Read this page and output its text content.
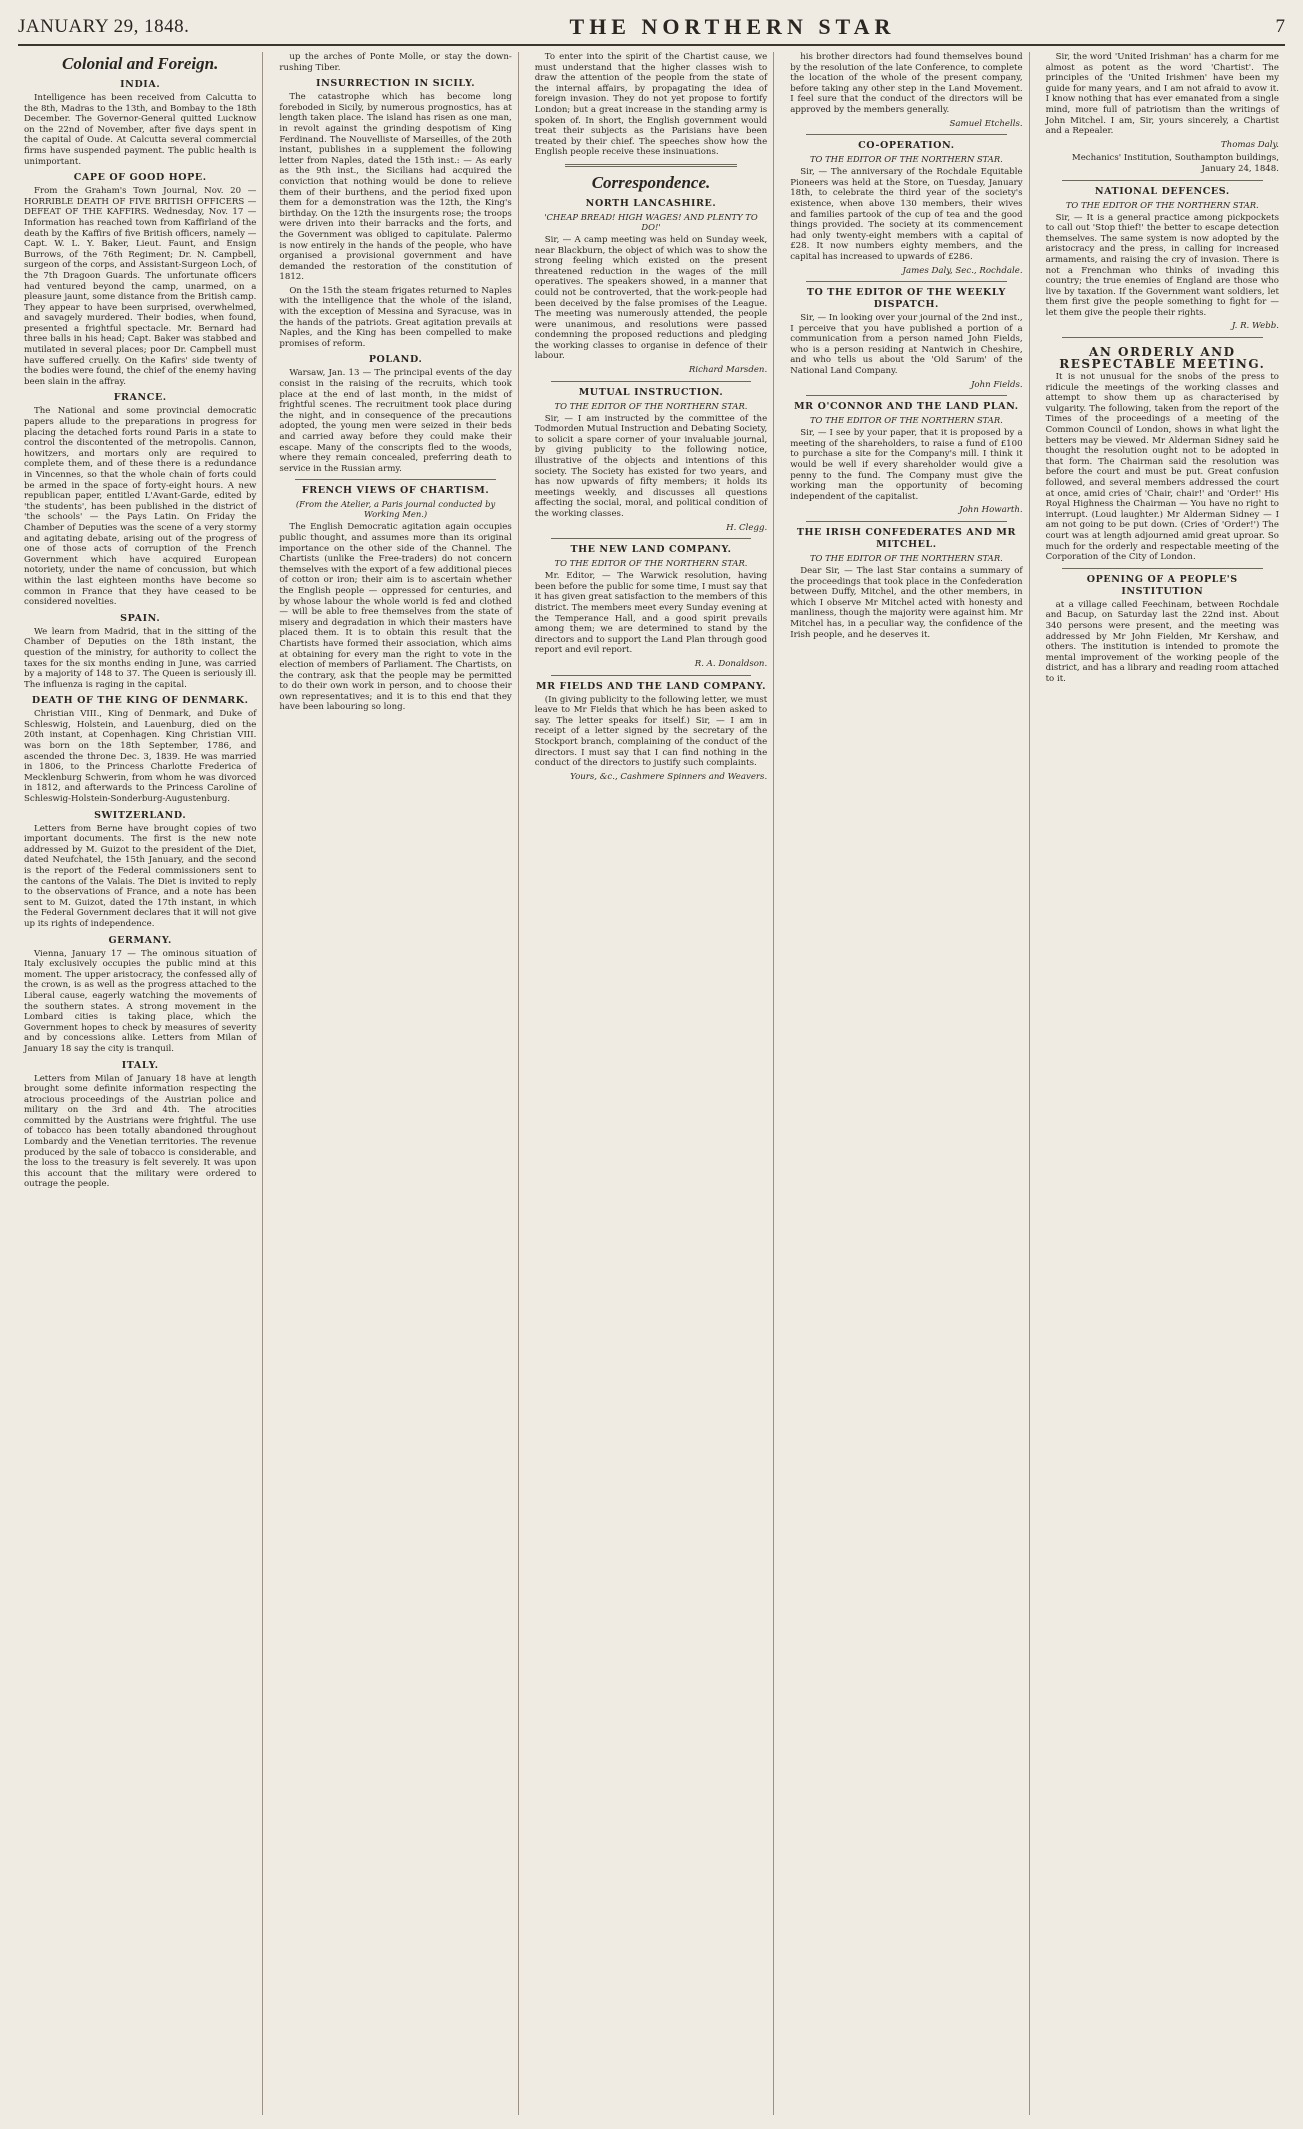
JANUARY 29, 1848.	THE NORTHERN STAR	7
Colonial and Foreign.
INDIA.

Intelligence has been received from Calcutta to the 8th, Madras to the 13th, and Bombay to the 18th December. The Governor-General quitted Lucknow on the 22nd of November, after five days spent in the capital of Oude. At Calcutta several commercial firms have suspended payment. The public health is unimportant.

CAPE OF GOOD HOPE.

From the Graham's Town Journal, Nov. 20 — HORRIBLE DEATH OF FIVE BRITISH OFFICERS — DEFEAT OF THE KAFFIRS. Wednesday, Nov. 17 — Information has reached town from Kaffirland of the death by the Kaffirs of five British officers, namely — Capt. W. L. Y. Baker, Lieut. Faunt, and Ensign Burrows, of the 76th Regiment; Dr. N. Campbell, surgeon of the corps, and Assistant-Surgeon Loch, of the 7th Dragoon Guards. The unfortunate officers had ventured beyond the camp, unarmed, on a pleasure jaunt, some distance from the British camp. They appear to have been surprised, overwhelmed, and savagely murdered. Their bodies, when found, presented a frightful spectacle. Mr. Bernard had three balls in his head; Capt. Baker was stabbed and mutilated in several places; poor Dr. Campbell must have suffered cruelly. On the Kafirs' side twenty of the bodies were found, the chief of the enemy having been slain in the affray.

FRANCE.

The National and some provincial democratic papers allude to the preparations in progress for placing the detached forts round Paris in a state to control the discontented of the metropolis. Cannon, howitzers, and mortars only are required to complete them, and of these there is a redundance in Vincennes, so that the whole chain of forts could be armed in the space of forty-eight hours. A new republican paper, entitled L'Avant-Garde, edited by 'the students', has been published in the district of 'the schools' — the Pays Latin. On Friday the Chamber of Deputies was the scene of a very stormy and agitating debate, arising out of the progress of one of those acts of corruption of the French Government which have acquired European notoriety, under the name of concussion, but which within the last eighteen months have become so common in France that they have ceased to be considered novelties.

SPAIN.

We learn from Madrid, that in the sitting of the Chamber of Deputies on the 18th instant, the question of the ministry, for authority to collect the taxes for the six months ending in June, was carried by a majority of 148 to 37. The Queen is seriously ill. The influenza is raging in the capital.

DEATH OF THE KING OF DENMARK.

Christian VIII., King of Denmark, and Duke of Schleswig, Holstein, and Lauenburg, died on the 20th instant, at Copenhagen. King Christian VIII. was born on the 18th September, 1786, and ascended the throne Dec. 3, 1839. He was married in 1806, to the Princess Charlotte Frederica of Mecklenburg Schwerin, from whom he was divorced in 1812, and afterwards to the Princess Caroline of Schleswig-Holstein-Sonderburg-Augustenburg.

SWITZERLAND.

Letters from Berne have brought copies of two important documents. The first is the new note addressed by M. Guizot to the president of the Diet, dated Neufchatel, the 15th January, and the second is the report of the Federal commissioners sent to the cantons of the Valais. The Diet is invited to reply to the observations of France, and a note has been sent to M. Guizot, dated the 17th instant, in which the Federal Government declares that it will not give up its rights of independence.

GERMANY.

Vienna, January 17 — The ominous situation of Italy exclusively occupies the public mind at this moment. The upper aristocracy, the confessed ally of the crown, is as well as the progress attached to the Liberal cause, eagerly watching the movements of the southern states. A strong movement in the Lombard cities is taking place, which the Government hopes to check by measures of severity and by concessions alike. Letters from Milan of January 18 say the city is tranquil.

ITALY.

Letters from Milan of January 18 have at length brought some definite information respecting the atrocious proceedings of the Austrian police and military on the 3rd and 4th. The atrocities committed by the Austrians were frightful. The use of tobacco has been totally abandoned throughout Lombardy and the Venetian territories. The revenue produced by the sale of tobacco is considerable, and the loss to the treasury is felt severely. It was upon this account that the military were ordered to outrage the people.

up the arches of Ponte Molle, or stay the down-rushing Tiber.

INSURRECTION IN SICILY.

The catastrophe which has become long foreboded in Sicily, by numerous prognostics, has at length taken place. The island has risen as one man, in revolt against the grinding despotism of King Ferdinand. The Nouvelliste of Marseilles, of the 20th instant, publishes in a supplement the following letter from Naples, dated the 15th inst.: — As early as the 9th inst., the Sicilians had acquired the conviction that nothing would be done to relieve them of their burthens, and the period fixed upon them for a demonstration was the 12th, the King's birthday. On the 12th the insurgents rose; the troops were driven into their barracks and the forts, and the Government was obliged to capitulate. Palermo is now entirely in the hands of the people, who have organised a provisional government and have demanded the restoration of the constitution of 1812.

On the 15th the steam frigates returned to Naples with the intelligence that the whole of the island, with the exception of Messina and Syracuse, was in the hands of the patriots. Great agitation prevails at Naples, and the King has been compelled to make promises of reform.

POLAND.

Warsaw, Jan. 13 — The principal events of the day consist in the raising of the recruits, which took place at the end of last month, in the midst of frightful scenes. The recruitment took place during the night, and in consequence of the precautions adopted, the young men were seized in their beds and carried away before they could make their escape. Many of the conscripts fled to the woods, where they remain concealed, preferring death to service in the Russian army.

FRENCH VIEWS OF CHARTISM.
(From the Atelier, a Paris journal conducted by Working Men.)

The English Democratic agitation again occupies public thought, and assumes more than its original importance on the other side of the Channel. The Chartists (unlike the Free-traders) do not concern themselves with the export of a few additional pieces of cotton or iron; their aim is to ascertain whether the English people — oppressed for centuries, and by whose labour the whole world is fed and clothed — will be able to free themselves from the state of misery and degradation in which their masters have placed them. It is to obtain this result that the Chartists have formed their association, which aims at obtaining for every man the right to vote in the election of members of Parliament. The Chartists, on the contrary, ask that the people may be permitted to do their own work in person, and to choose their own representatives; and it is to this end that they have been labouring so long.

To enter into the spirit of the Chartist cause, we must understand that the higher classes wish to draw the attention of the people from the state of the internal affairs, by propagating the idea of foreign invasion. They do not yet propose to fortify London; but a great increase in the standing army is spoken of. In short, the English government would treat their subjects as the Parisians have been treated by their chief. The speeches show how the English people receive these insinuations.

Correspondence.
NORTH LANCASHIRE.
'CHEAP BREAD! HIGH WAGES! AND PLENTY TO DO!'

Sir, — A camp meeting was held on Sunday week, near Blackburn, the object of which was to show the strong feeling which existed on the present threatened reduction in the wages of the mill operatives. The speakers showed, in a manner that could not be controverted, that the work-people had been deceived by the false promises of the League. The meeting was numerously attended, the people were unanimous, and resolutions were passed condemning the proposed reductions and pledging the working classes to organise in defence of their labour.

Richard Marsden.

MUTUAL INSTRUCTION.
TO THE EDITOR OF THE NORTHERN STAR.

Sir, — I am instructed by the committee of the Todmorden Mutual Instruction and Debating Society, to solicit a spare corner of your invaluable journal, by giving publicity to the following notice, illustrative of the objects and intentions of this society. The Society has existed for two years, and has now upwards of fifty members; it holds its meetings weekly, and discusses all questions affecting the social, moral, and political condition of the working classes.

H. Clegg.

THE NEW LAND COMPANY.
TO THE EDITOR OF THE NORTHERN STAR.

Mr. Editor, — The Warwick resolution, having been before the public for some time, I must say that it has given great satisfaction to the members of this district. The members meet every Sunday evening at the Temperance Hall, and a good spirit prevails among them; we are determined to stand by the directors and to support the Land Plan through good report and evil report.

R. A. Donaldson.

MR FIELDS AND THE LAND COMPANY.

(In giving publicity to the following letter, we must leave to Mr Fields that which he has been asked to say. The letter speaks for itself.) Sir, — I am in receipt of a letter signed by the secretary of the Stockport branch, complaining of the conduct of the directors. I must say that I can find nothing in the conduct of the directors to justify such complaints.

Yours, &c., Cashmere Spinners and Weavers.

his brother directors had found themselves bound by the resolution of the late Conference, to complete the location of the whole of the present company, before taking any other step in the Land Movement. I feel sure that the conduct of the directors will be approved by the members generally.

Samuel Etchells.

CO-OPERATION.
TO THE EDITOR OF THE NORTHERN STAR.

Sir, — The anniversary of the Rochdale Equitable Pioneers was held at the Store, on Tuesday, January 18th, to celebrate the third year of the society's existence, when above 130 members, their wives and families partook of the cup of tea and the good things provided. The society at its commencement had only twenty-eight members with a capital of £28. It now numbers eighty members, and the capital has increased to upwards of £286.

James Daly, Sec., Rochdale.

TO THE EDITOR OF THE WEEKLY DISPATCH.

Sir, — In looking over your journal of the 2nd inst., I perceive that you have published a portion of a communication from a person named John Fields, who is a person residing at Nantwich in Cheshire, and who tells us about the 'Old Sarum' of the National Land Company.

John Fields.

MR O'CONNOR AND THE LAND PLAN.
TO THE EDITOR OF THE NORTHERN STAR.

Sir, — I see by your paper, that it is proposed by a meeting of the shareholders, to raise a fund of £100 to purchase a site for the Company's mill. I think it would be well if every shareholder would give a penny to the fund. The Company must give the working man the opportunity of becoming independent of the capitalist.

John Howarth.

THE IRISH CONFEDERATES AND MR MITCHEL.
TO THE EDITOR OF THE NORTHERN STAR.

Dear Sir, — The last Star contains a summary of the proceedings that took place in the Confederation between Duffy, Mitchel, and the other members, in which I observe Mr Mitchel acted with honesty and manliness, though the majority were against him. Mr Mitchel has, in a peculiar way, the confidence of the Irish people, and he deserves it.

Sir, the word 'United Irishman' has a charm for me almost as potent as the word 'Chartist'. The principles of the 'United Irishmen' have been my guide for many years, and I am not afraid to avow it. I know nothing that has ever emanated from a single mind, more full of patriotism than the writings of John Mitchel. I am, Sir, yours sincerely, a Chartist and a Repealer.

Thomas Daly.

Mechanics' Institution, Southampton buildings, January 24, 1848.

NATIONAL DEFENCES.
TO THE EDITOR OF THE NORTHERN STAR.

Sir, — It is a general practice among pickpockets to call out 'Stop thief!' the better to escape detection themselves. The same system is now adopted by the aristocracy and the press, in calling for increased armaments, and raising the cry of invasion. There is not a Frenchman who thinks of invading this country; the true enemies of England are those who live by taxation. If the Government want soldiers, let them first give the people something to fight for — let them give the people their rights.

J. R. Webb.

AN ORDERLY AND RESPECTABLE MEETING.

It is not unusual for the snobs of the press to ridicule the meetings of the working classes and attempt to show them up as characterised by vulgarity. The following, taken from the report of the Times of the proceedings of a meeting of the Common Council of London, shows in what light the betters may be viewed. Mr Alderman Sidney said he thought the resolution ought not to be adopted in that form. The Chairman said the resolution was before the court and must be put. Great confusion followed, and several members addressed the court at once, amid cries of 'Chair, chair!' and 'Order!' His Royal Highness the Chairman — You have no right to interrupt. (Loud laughter.) Mr Alderman Sidney — I am not going to be put down. (Cries of 'Order!') The court was at length adjourned amid great uproar. So much for the orderly and respectable meeting of the Corporation of the City of London.

OPENING OF A PEOPLE'S INSTITUTION

at a village called Feechinam, between Rochdale and Bacup, on Saturday last the 22nd inst. About 340 persons were present, and the meeting was addressed by Mr John Fielden, Mr Kershaw, and others. The institution is intended to promote the mental improvement of the working people of the district, and has a library and reading room attached to it.
